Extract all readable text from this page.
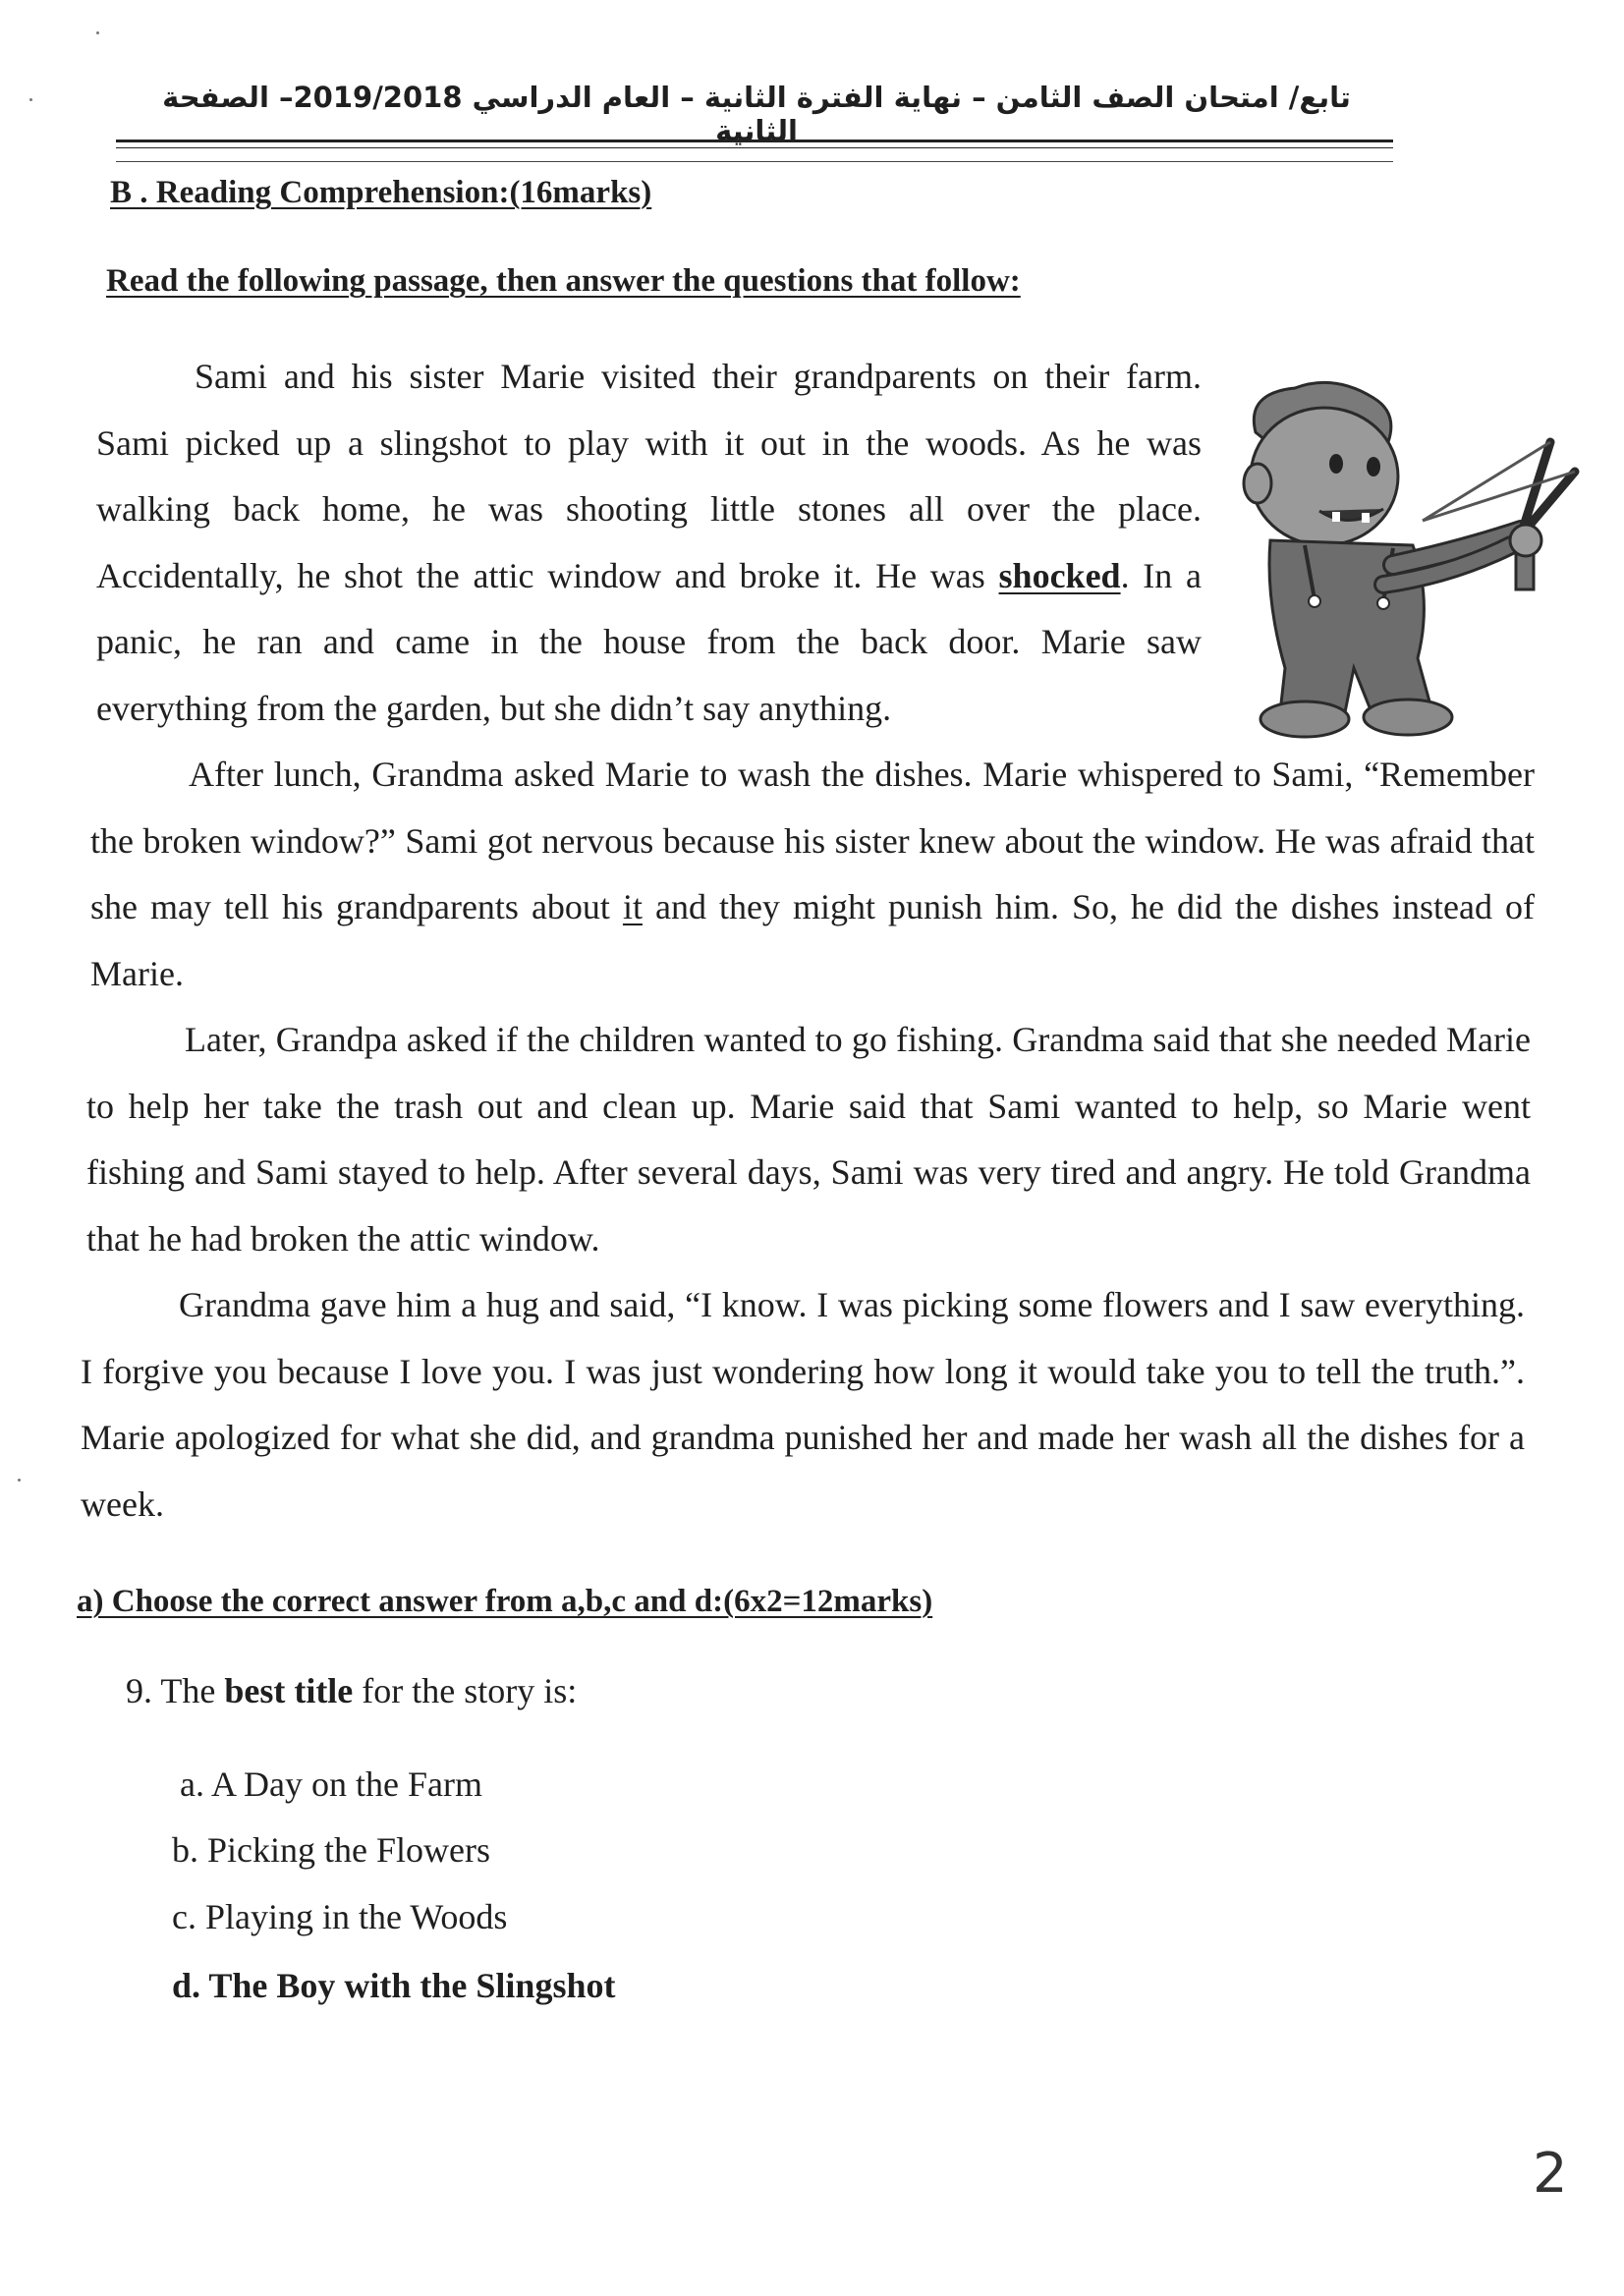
تابع/ امتحان الصف الثامن – نهاية الفترة الثانية – العام الدراسي 2019/2018– الصفحة الثانية
B . Reading Comprehension:(16marks)
Read the following passage, then answer the questions that follow:

Sami and his sister Marie visited their grandparents on their farm. Sami picked up a slingshot to play with it out in the woods. As he was walking back home, he was shooting little stones all over the place. Accidentally, he shot the attic window and broke it. He was shocked. In a panic, he ran and came in the house from the back door. Marie saw everything from the garden, but she didn’t say anything.

After lunch, Grandma asked Marie to wash the dishes. Marie whispered to Sami, “Remember the broken window?” Sami got nervous because his sister knew about the window. He was afraid that she may tell his grandparents about it and they might punish him. So, he did the dishes instead of Marie.

Later, Grandpa asked if the children wanted to go fishing. Grandma said that she needed Marie to help her take the trash out and clean up. Marie said that Sami wanted to help, so Marie went fishing and Sami stayed to help. After several days, Sami was very tired and angry. He told Grandma that he had broken the attic window.

Grandma gave him a hug and said, “I know. I was picking some flowers and I saw everything. I forgive you because I love you. I was just wondering how long it would take you to tell the truth.”. Marie apologized for what she did, and grandma punished her and made her wash all the dishes for a week.

a) Choose the correct answer from a,b,c and d:(6x2=12marks)
9. The best title for the story is:
a. A Day on the Farm
b. Picking the Flowers
c. Playing in the Woods
d. The Boy with the Slingshot
2
